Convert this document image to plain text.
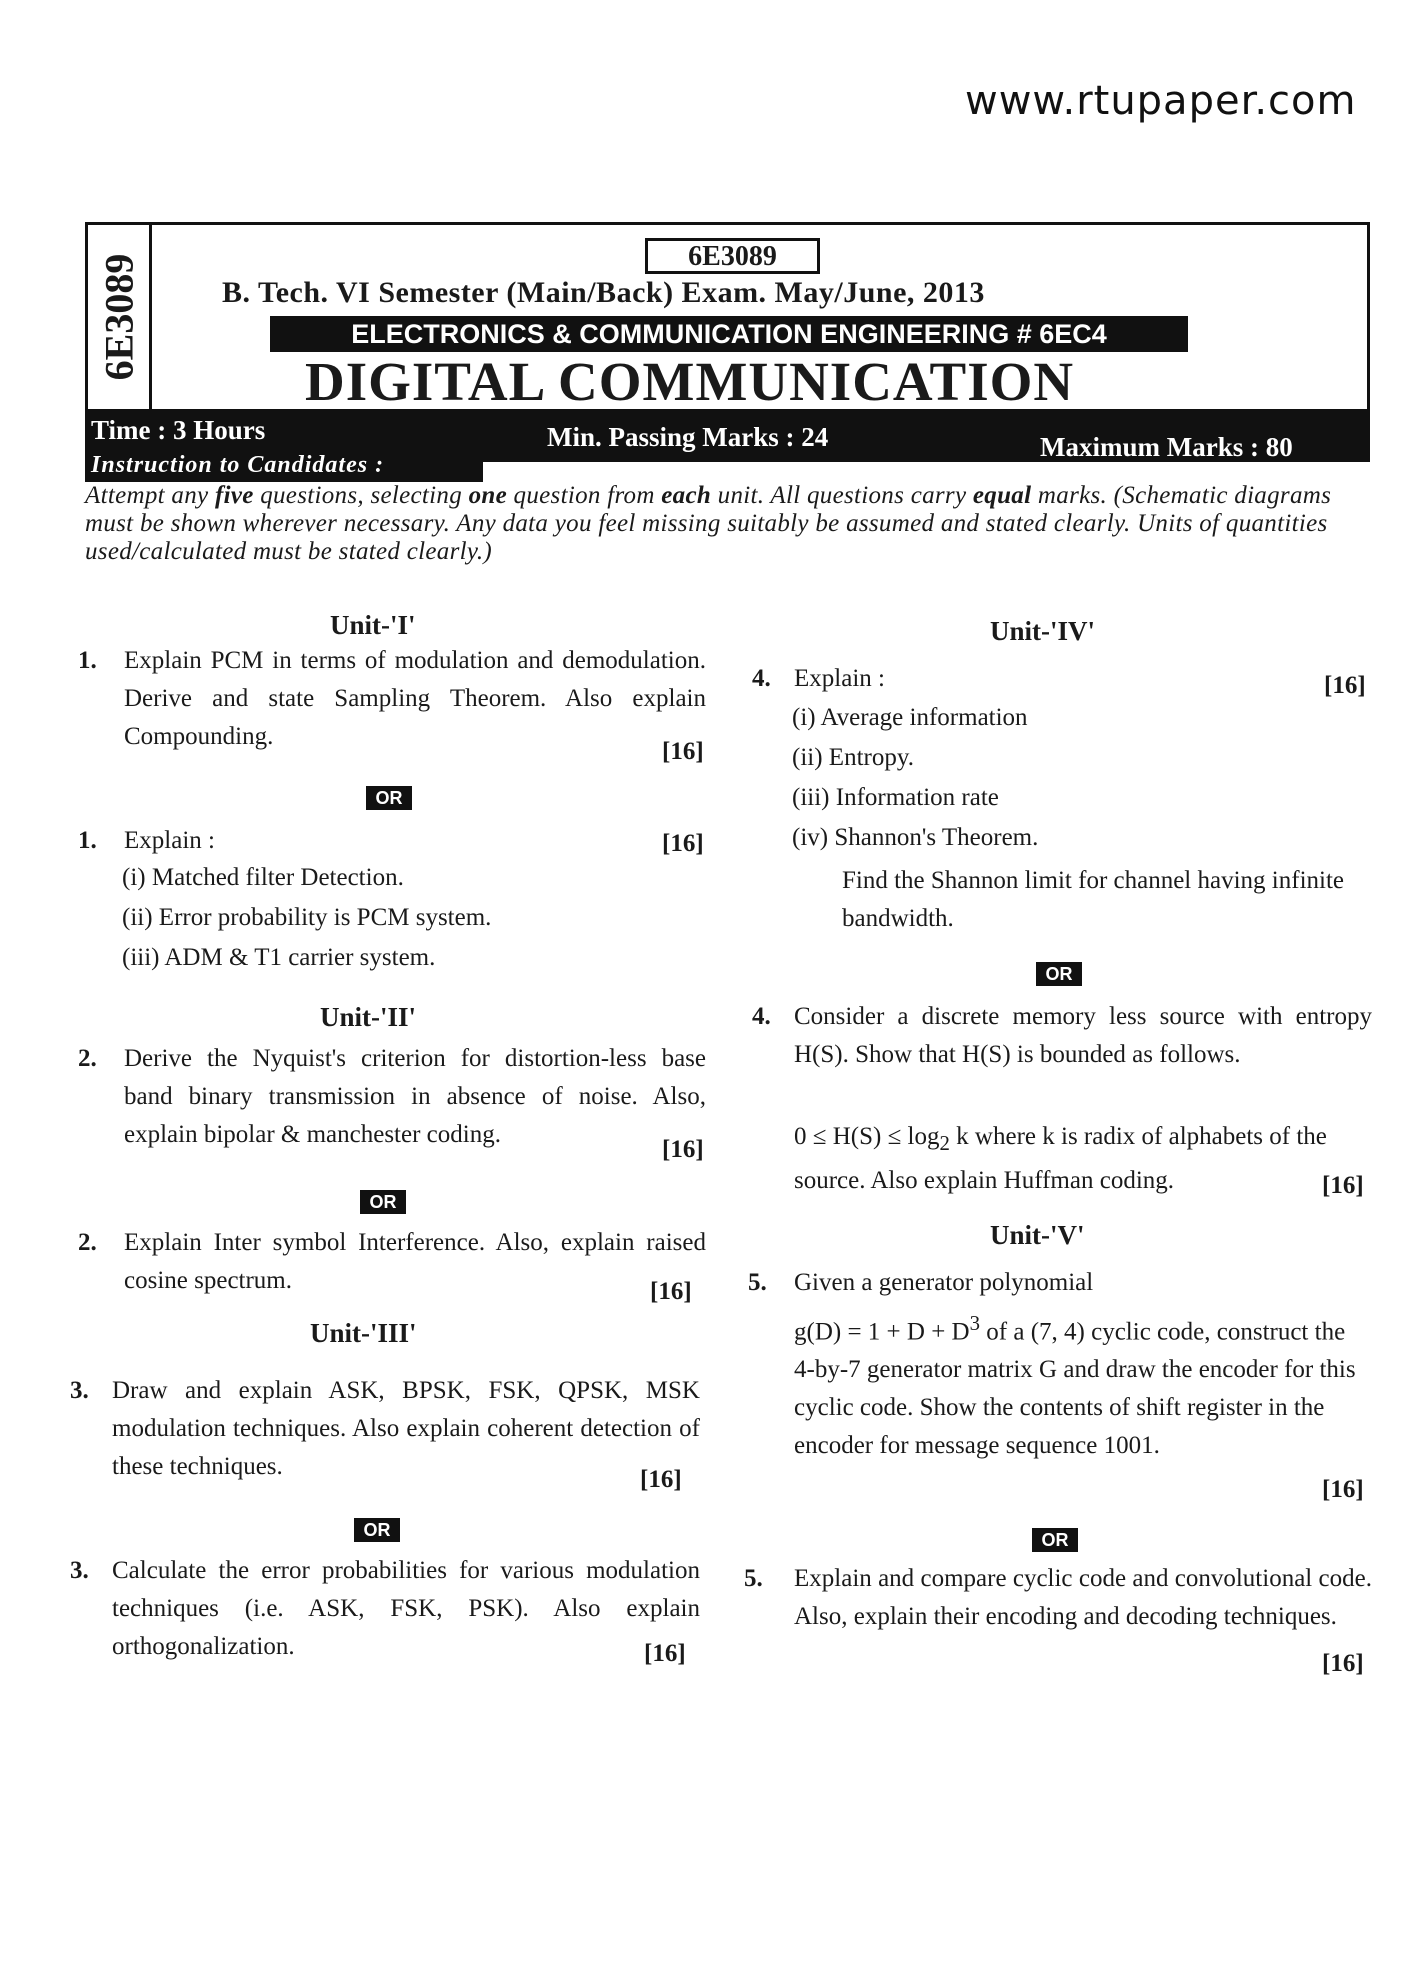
www.rtupaper.com
6E3089	6E3089
B. Tech. VI Semester (Main/Back) Exam. May/June, 2013
ELECTRONICS & COMMUNICATION ENGINEERING # 6EC4
DIGITAL COMMUNICATION
Time : 3 Hours	Min. Passing Marks : 24	Maximum Marks : 80
Instruction to Candidates :
Attempt any five questions, selecting one question from each unit. All questions carry equal marks. (Schematic diagrams must be shown wherever necessary. Any data you feel missing suitably be assumed and stated clearly. Units of quantities used/calculated must be stated clearly.)
Unit-'I'
1. Explain PCM in terms of modulation and demodulation. Derive and state Sampling Theorem. Also explain Compounding.
[16]
OR
1. Explain :	[16]
(i) Matched filter Detection.
(ii) Error probability is PCM system.
(iii) ADM & T1 carrier system.
Unit-'II'
2. Derive the Nyquist's criterion for distortion-less base band binary transmission in absence of noise. Also, explain bipolar & manchester coding.
[16]
OR
2. Explain Inter symbol Interference. Also, explain raised cosine spectrum.	[16]
Unit-'III'
3. Draw and explain ASK, BPSK, FSK, QPSK, MSK modulation techniques. Also explain coherent detection of these techniques.	[16]
OR
3. Calculate the error probabilities for various modulation techniques (i.e. ASK, FSK, PSK). Also explain orthogonalization.	[16]
Unit-'IV'
4. Explain :	[16]
(i) Average information
(ii) Entropy.
(iii) Information rate
(iv) Shannon's Theorem.
Find the Shannon limit for channel having infinite bandwidth.
OR
4. Consider a discrete memory less source with entropy H(S). Show that H(S) is bounded as follows.
$0 \le H(S) \le \log_2 k$ where k is radix of alphabets of the source. Also explain Huffman coding.	[16]
Unit-'V'
5. Given a generator polynomial
$g(D) = 1 + D + D^3$ of a (7, 4) cyclic code, construct the 4-by-7 generator matrix G and draw the encoder for this cyclic code. Show the contents of shift register in the encoder for message sequence 1001.
[16]
OR
5. Explain and compare cyclic code and convolutional code. Also, explain their encoding and decoding techniques.
[16]
